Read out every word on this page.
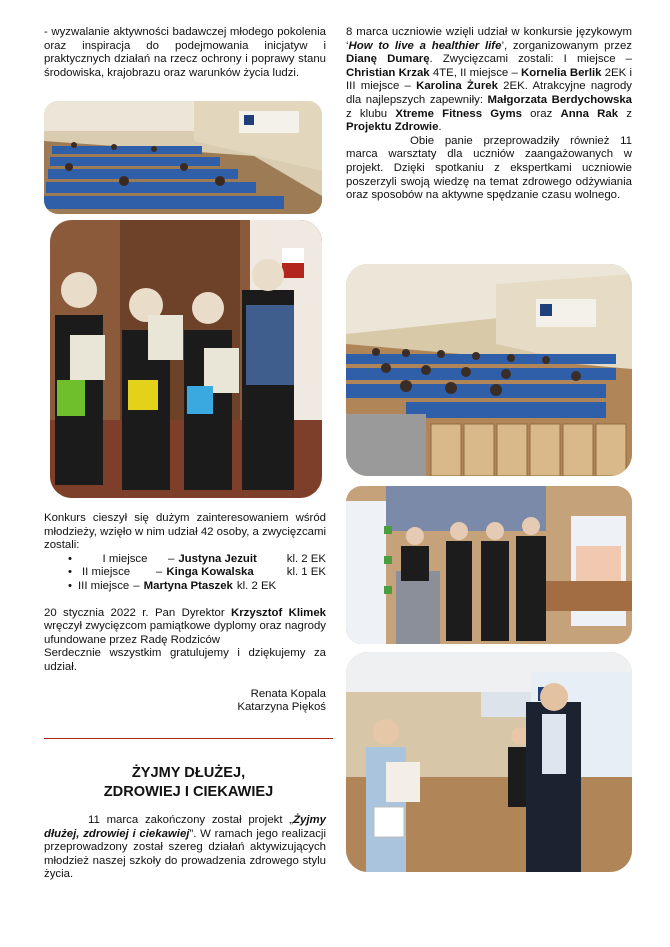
- wyzwalanie aktywności badawczej młodego pokolenia oraz inspiracja do podejmowania inicjatyw i praktycznych działań na rzecz ochrony i poprawy stanu środowiska, krajobrazu oraz warunków życia ludzi.

Konkurs cieszył się dużym zainteresowaniem wśród młodzieży, wzięło w nim udział 42 osoby, a zwycięzcami zostali:

•	I miejsce	– Justyna Jezuit	kl. 2 EK
• II miejsce	– Kinga Kowalska	kl. 1 EK
• III miejsce – Martyna Ptaszek kl. 2 EK

20 stycznia 2022 r. Pan Dyrektor Krzysztof Klimek wręczył zwycięzcom pamiątkowe dyplomy oraz nagrody ufundowane przez Radę Rodziców

Serdecznie wszystkim gratulujemy i dziękujemy za udział.

Renata Kopala

Katarzyna Piękoś

ŻYJMY DŁUŻEJ,
ZDROWIEJ I CIEKAWIEJ

11 marca zakończony został projekt „Żyjmy dłużej, zdrowiej i ciekawiej”. W ramach jego realizacji przeprowadzony został szereg działań aktywizujących młodzież naszej szkoły do prowadzenia zdrowego stylu życia.

8 marca uczniowie wzięli udział w konkursie językowym ‘How to live a healthier life’, zorganizowanym przez Dianę Dumarę. Zwycięzcami zostali: I miejsce – Christian Krzak 4TE, II miejsce – Kornelia Berlik 2EK i III miejsce – Karolina Żurek 2EK. Atrakcyjne nagrody dla najlepszych zapewniły: Małgorzata Berdychowska z klubu Xtreme Fitness Gyms oraz Anna Rak z Projektu Zdrowie.

Obie panie przeprowadziły również 11 marca warsztaty dla uczniów zaangażowanych w projekt. Dzięki spotkaniu z ekspertkami uczniowie poszerzyli swoją wiedzę na temat zdrowego odżywiania oraz sposobów na aktywne spędzanie czasu wolnego.
